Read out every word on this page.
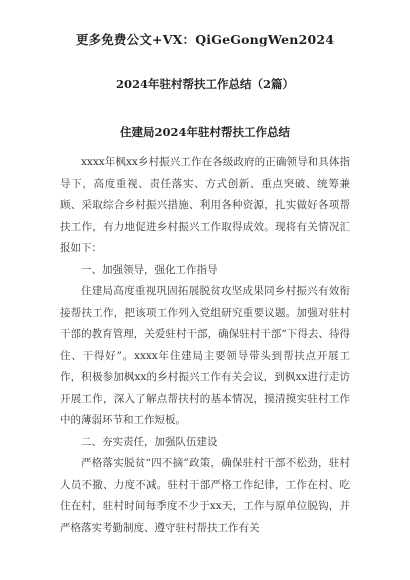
更多免费公文+VX：QiGeGongWen2024
2024年驻村帮扶工作总结（2篇）
住建局2024年驻村帮扶工作总结

xxxx年枫xx乡村振兴工作在各级政府的正确领导和具体指导下，高度重视、责任落实、方式创新、重点突破、统筹兼顾、采取综合乡村振兴措施、利用各种资源，扎实做好各项帮扶工作，有力地促进乡村振兴工作取得成效。现将有关情况汇报如下：

一、加强领导，强化工作指导

住建局高度重视巩固拓展脱贫攻坚成果同乡村振兴有效衔接帮扶工作，把该项工作列入党组研究重要议题。加强对驻村干部的教育管理，关爱驻村干部，确保驻村干部“下得去、待得住、干得好”。xxxx年住建局主要领导带头到帮扶点开展工作，积极参加枫xx的乡村振兴工作有关会议，到枫xx进行走访开展工作，深入了解点帮扶村的基本情况，摸清摸实驻村工作中的薄弱环节和工作短板。

二、夯实责任，加强队伍建设

严格落实脱贫“四不摘”政策，确保驻村干部不松劲，驻村人员不撤、力度不减。驻村干部严格工作纪律，工作在村、吃住在村，驻村时间每季度不少于xx天，工作与原单位脱钩，并严格落实考勤制度、遵守驻村帮扶工作有关
